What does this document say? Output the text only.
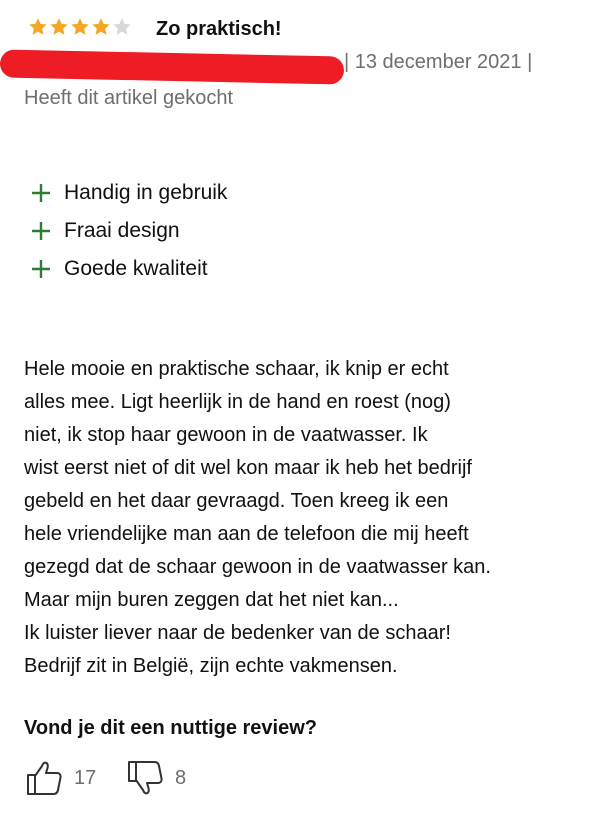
Zo praktisch!
| 13 december 2021 |
Heeft dit artikel gekocht
Handig in gebruik
Fraai design
Goede kwaliteit

Hele mooie en praktische schaar, ik knip er echt

alles mee. Ligt heerlijk in de hand en roest (nog)

niet, ik stop haar gewoon in de vaatwasser. Ik

wist eerst niet of dit wel kon maar ik heb het bedrijf

gebeld en het daar gevraagd. Toen kreeg ik een

hele vriendelijke man aan de telefoon die mij heeft

gezegd dat de schaar gewoon in de vaatwasser kan.

Maar mijn buren zeggen dat het niet kan...

Ik luister liever naar de bedenker van de schaar!

Bedrijf zit in België, zijn echte vakmensen.

Vond je dit een nuttige review?
17	8
